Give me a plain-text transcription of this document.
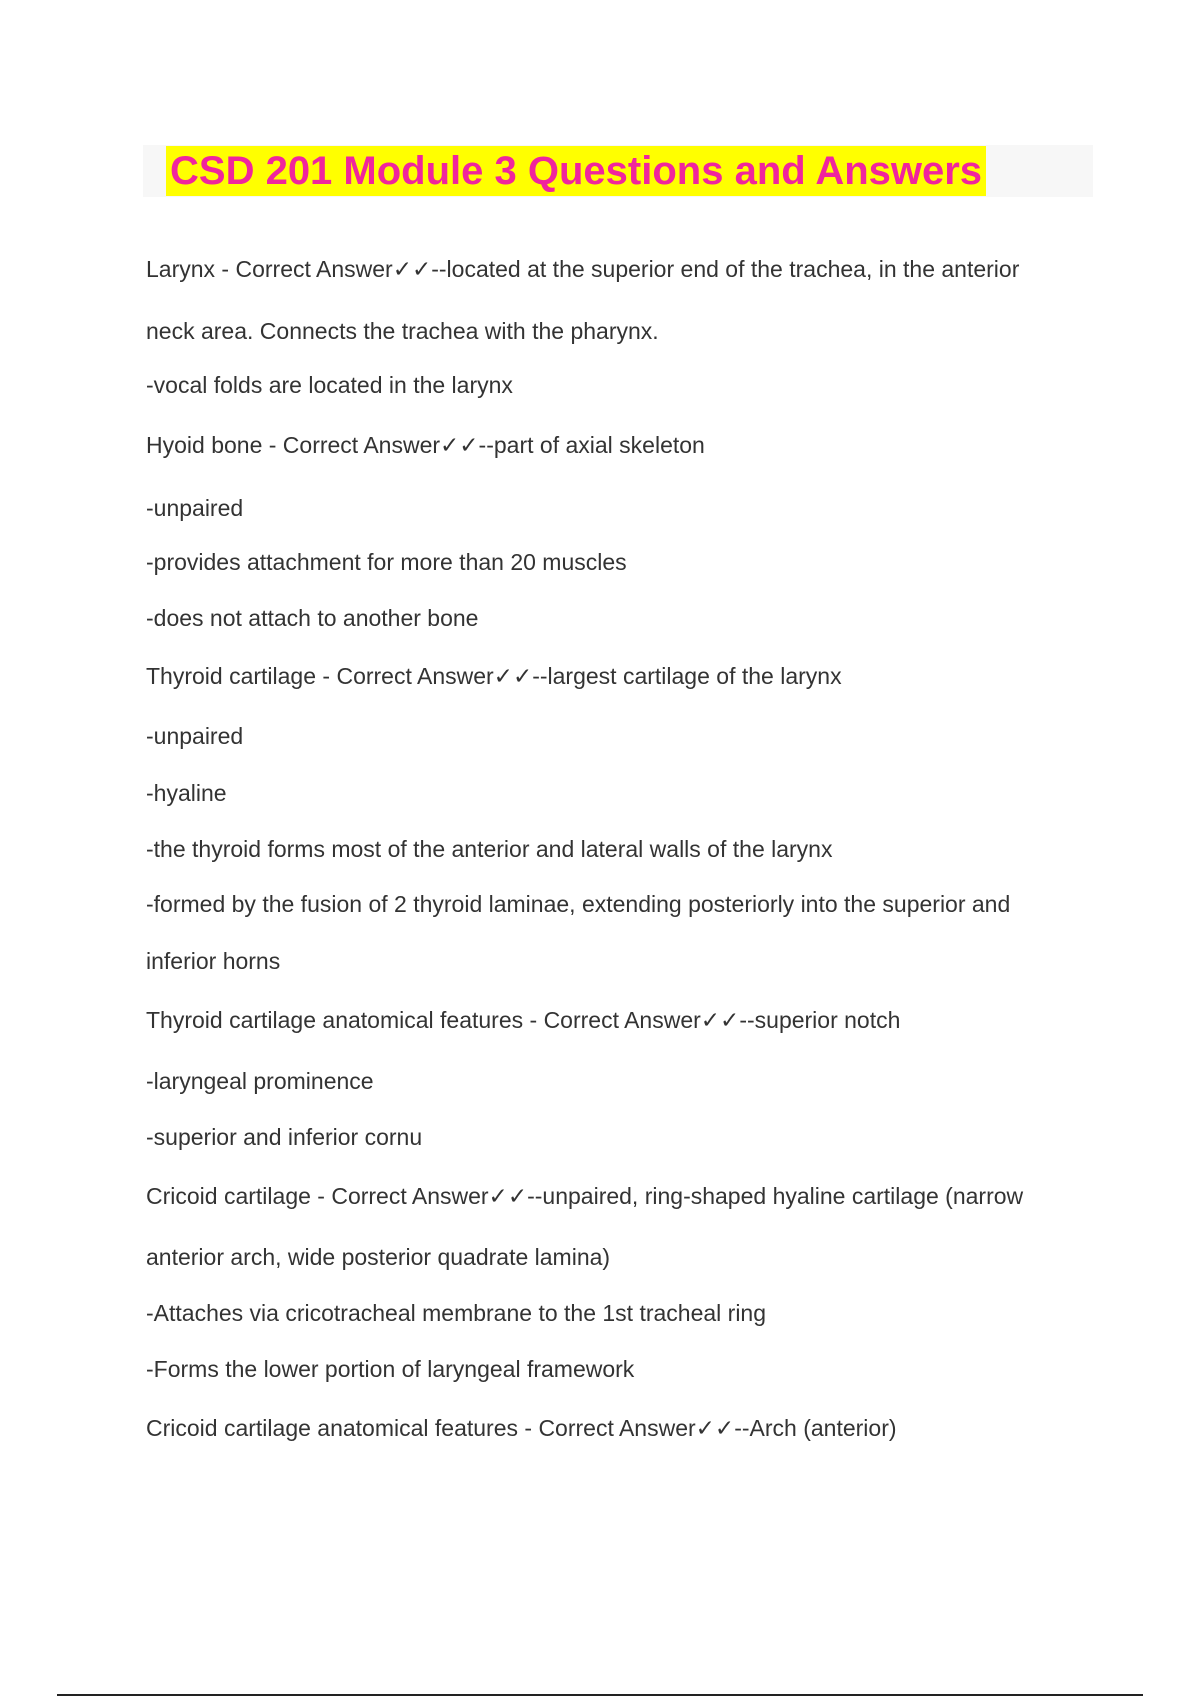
CSD 201 Module 3 Questions and Answers
Larynx - Correct Answer✓✓--located at the superior end of the trachea, in the anterior
neck area. Connects the trachea with the pharynx.
-vocal folds are located in the larynx
Hyoid bone - Correct Answer✓✓--part of axial skeleton
-unpaired
-provides attachment for more than 20 muscles
-does not attach to another bone
Thyroid cartilage - Correct Answer✓✓--largest cartilage of the larynx
-unpaired
-hyaline
-the thyroid forms most of the anterior and lateral walls of the larynx
-formed by the fusion of 2 thyroid laminae, extending posteriorly into the superior and
inferior horns
Thyroid cartilage anatomical features - Correct Answer✓✓--superior notch
-laryngeal prominence
-superior and inferior cornu
Cricoid cartilage - Correct Answer✓✓--unpaired, ring-shaped hyaline cartilage (narrow
anterior arch, wide posterior quadrate lamina)
-Attaches via cricotracheal membrane to the 1st tracheal ring
-Forms the lower portion of laryngeal framework
Cricoid cartilage anatomical features - Correct Answer✓✓--Arch (anterior)
